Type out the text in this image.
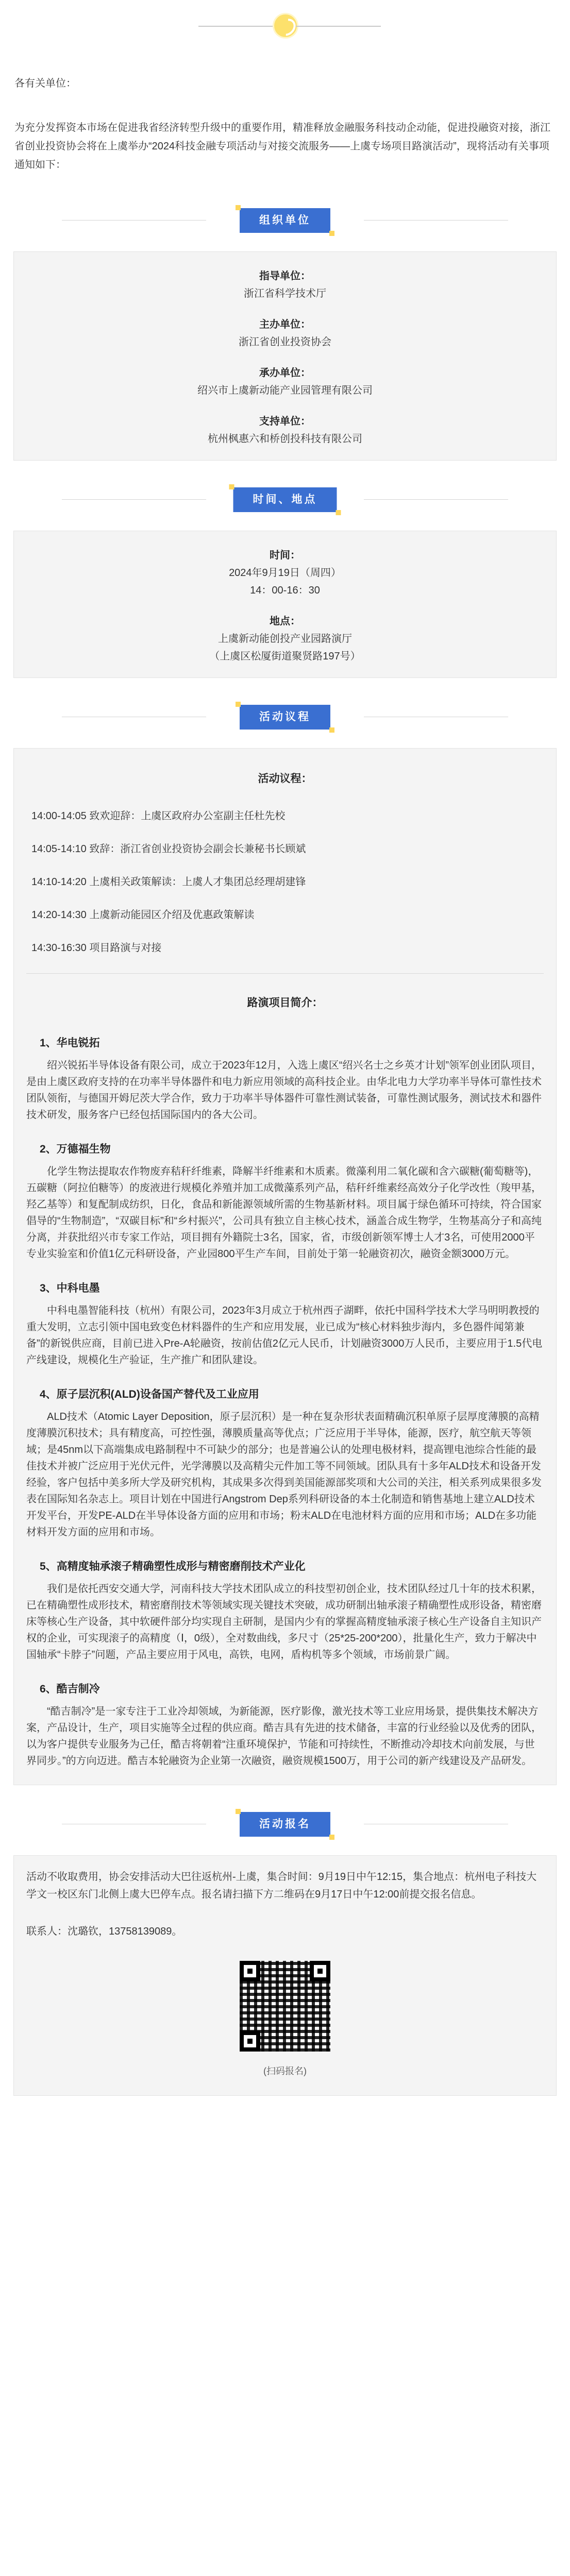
各有关单位：

为充分发挥资本市场在促进我省经济转型升级中的重要作用，精准释放金融服务科技动企动能，促进投融资对接，浙江省创业投资协会将在上虞举办“2024科技金融专项活动与对接交流服务——上虞专场项目路演活动”，现将活动有关事项通知如下：

组织单位
指导单位：
浙江省科学技术厅
主办单位：
浙江省创业投资协会
承办单位：
绍兴市上虞新动能产业园管理有限公司
支持单位：
杭州枫惠六和桥创投科技有限公司
时间、地点
时间：
2024年9月19日（周四）
14：00-16：30
地点：
上虞新动能创投产业园路演厅
（上虞区松厦街道聚贤路197号）
活动议程
活动议程：
14:00-14:05 致欢迎辞：上虞区政府办公室副主任杜先校
14:05-14:10 致辞：浙江省创业投资协会副会长兼秘书长顾斌
14:10-14:20 上虞相关政策解读：上虞人才集团总经理胡建锋
14:20-14:30 上虞新动能园区介绍及优惠政策解读
14:30-16:30 项目路演与对接
路演项目简介：
1、华电锐拓

绍兴锐拓半导体设备有限公司，成立于2023年12月，入选上虞区“绍兴名士之乡英才计划”领军创业团队项目，是由上虞区政府支持的在功率半导体器件和电力新应用领域的高科技企业。由华北电力大学功率半导体可靠性技术团队领衔，与德国开姆尼茨大学合作，致力于功率半导体器件可靠性测试装备，可靠性测试服务，测试技术和器件技术研发，服务客户已经包括国际国内的各大公司。

2、万德福生物

化学生物法提取农作物废弃秸秆纤维素，降解半纤维素和木质素。微藻利用二氧化碳和含六碳糖(葡萄糖等)，五碳糖（阿拉伯糖等）的废液进行规模化养殖并加工成微藻系列产品，秸秆纤维素经高效分子化学改性（羧甲基，羟乙基等）和复配制成纺织，日化，食品和新能源领域所需的生物基新材料。项目属于绿色循环可持续，符合国家倡导的“生物制造”，“双碳目标”和“乡村振兴”，公司具有独立自主核心技术，涵盖合成生物学，生物基高分子和高纯分离，并获批绍兴市专家工作站，项目拥有外籍院士3名，国家，省，市级创新领军博士人才3名，可使用2000平专业实验室和价值1亿元科研设备，产业园800平生产车间，目前处于第一轮融资初次，融资金额3000万元。

3、中科电墨

中科电墨智能科技（杭州）有限公司，2023年3月成立于杭州西子湖畔，依托中国科学技术大学马明明教授的重大发明，立志引领中国电致变色材料器件的生产和应用发展，业已成为“核心材料独步海内，多色器件闻第兼备”的新锐供应商，目前已进入Pre-A轮融资，按前估值2亿元人民币，计划融资3000万人民币，主要应用于1.5代电产线建设，规模化生产验证，生产推广和团队建设。

4、原子层沉积(ALD)设备国产替代及工业应用

ALD技术（Atomic Layer Deposition，原子层沉积）是一种在复杂形状表面精确沉积单原子层厚度薄膜的高精度薄膜沉积技术；具有精度高，可控性强，薄膜质量高等优点；广泛应用于半导体，能源，医疗，航空航天等领域；是45nm以下高端集成电路制程中不可缺少的部分；也是普遍公认的处理电极材料，提高锂电池综合性能的最佳技术并被广泛应用于光伏元件，光学薄膜以及高精尖元件加工等不同领域。团队具有十多年ALD技术和设备开发经验，客户包括中美多所大学及研究机构，其成果多次得到美国能源部奖项和大公司的关注，相关系列成果很多发表在国际知名杂志上。项目计划在中国进行Angstrom Dep系列科研设备的本土化制造和销售基地上建立ALD技术开发平台，开发PE-ALD在半导体设备方面的应用和市场；粉末ALD在电池材料方面的应用和市场；ALD在多功能材料开发方面的应用和市场。

5、高精度轴承滚子精确塑性成形与精密磨削技术产业化

我们是依托西安交通大学，河南科技大学技术团队成立的科技型初创企业，技术团队经过几十年的技术积累，已在精确塑性成形技术，精密磨削技术等领域实现关键技术突破，成功研制出轴承滚子精确塑性成形设备，精密磨床等核心生产设备，其中软硬件部分均实现自主研制，是国内少有的掌握高精度轴承滚子核心生产设备自主知识产权的企业，可实现滚子的高精度（Ⅰ，0级），全对数曲线，多尺寸（25*25-200*200），批量化生产，致力于解决中国轴承“卡脖子”问题，产品主要应用于风电，高铁，电网，盾构机等多个领域，市场前景广阔。

6、酷吉制冷

“酷吉制冷”是一家专注于工业冷却领域，为新能源，医疗影像，激光技术等工业应用场景，提供集技术解决方案，产品设计，生产，项目实施等全过程的供应商。酷吉具有先进的技术储备，丰富的行业经验以及优秀的团队，以为客户提供专业服务为己任，酷吉将朝着“注重环境保护，节能和可持续性，不断推动冷却技术向前发展，与世界同步。”的方向迈进。酷吉本轮融资为企业第一次融资，融资规模1500万，用于公司的新产线建设及产品研发。

活动报名

活动不收取费用，协会安排活动大巴往返杭州-上虞，集合时间：9月19日中午12:15，集合地点：杭州电子科技大学文一校区东门北侧上虞大巴停车点。报名请扫描下方二维码在9月17日中午12:00前提交报名信息。

联系人：沈璐钦，13758139089。

(扫码报名)
